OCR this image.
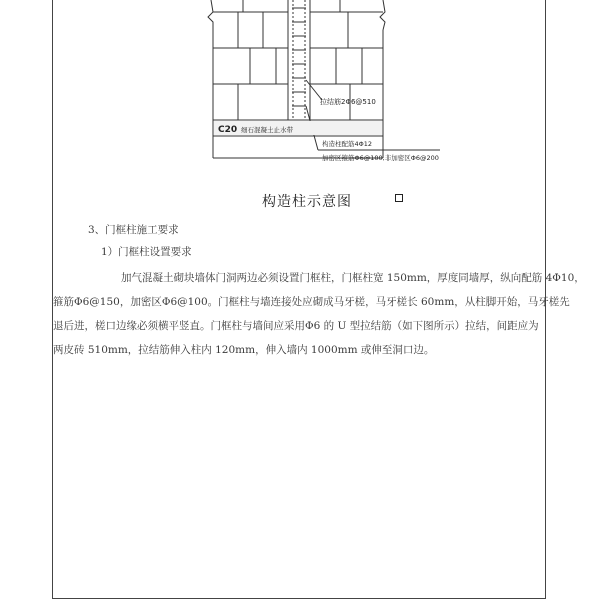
C20 细石混凝土止水带
拉结筋2Φ6@510
构造柱配筋4Φ12
加密区箍筋Φ6@100,非加密区Φ6@200
构造柱示意图
3、门框柱施工要求
1）门框柱设置要求
加气混凝土砌块墙体门洞两边必须设置门框柱，门框柱宽 150mm，厚度同墙厚，纵向配筋 4Φ10，
箍筋Φ6@150，加密区Φ6@100。门框柱与墙连接处应砌成马牙槎，马牙槎长 60mm，从柱脚开始，马牙槎先
退后进，槎口边缘必须横平竖直。门框柱与墙间应采用Φ6 的 U 型拉结筋（如下图所示）拉结，间距应为
两皮砖 510mm，拉结筋伸入柱内 120mm，伸入墙内 1000mm 或伸至洞口边。
